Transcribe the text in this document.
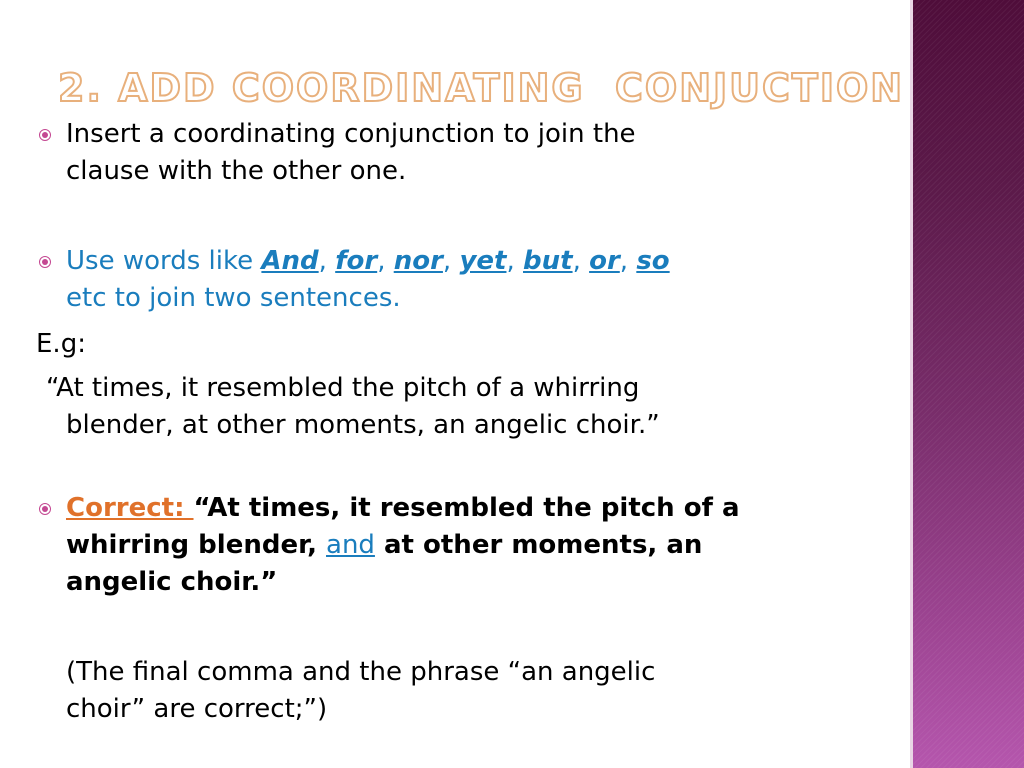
2. ADD COORDINATING  CONJUCTION
Insert a coordinating conjunction to join the
clause with the other one.
Use words like And, for, nor, yet, but, or, so
etc to join two sentences.
E.g:
“At times, it resembled the pitch of a whirring
blender, at other moments, an angelic choir.”
Correct: “At times, it resembled the pitch of a
whirring blender, and at other moments, an
angelic choir.”
(The final comma and the phrase “an angelic
choir” are correct;”)
